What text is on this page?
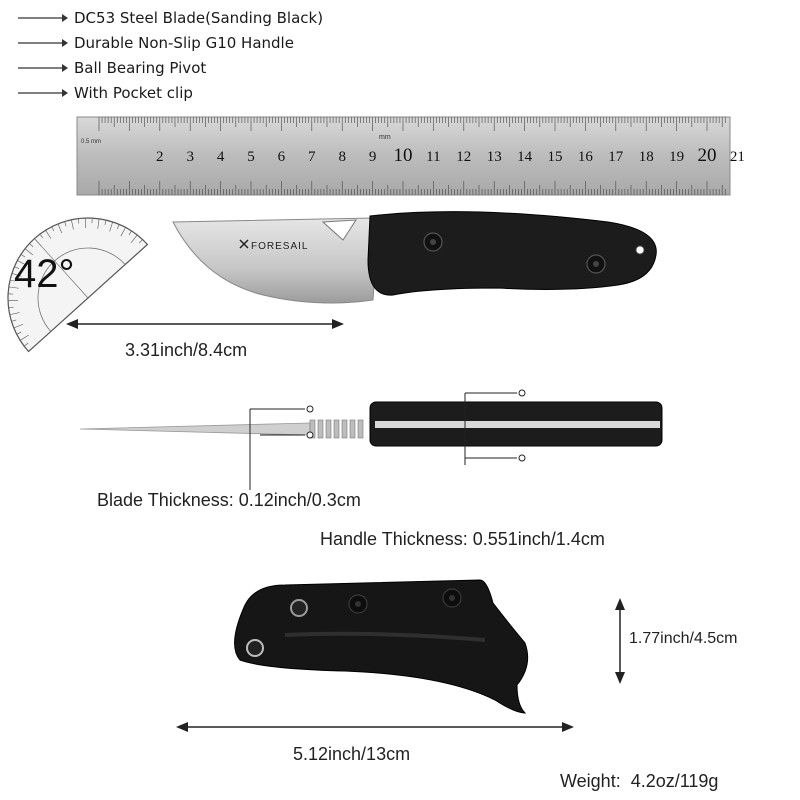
DC53 Steel Blade(Sanding Black)
Durable Non-Slip G10 Handle
Ball Bearing Pivot
With Pocket clip
0.5 mm
mm
2 3 4 5 6 7 8 9 10 11 12 13 14 15 16 17 18 19 20 21
42°
FORESAIL
3.31inch/8.4cm
Blade Thickness: 0.12inch/0.3cm
Handle Thickness: 0.551inch/1.4cm
5.12inch/13cm
1.77inch/4.5cm
Weight: 4.2oz/119g
